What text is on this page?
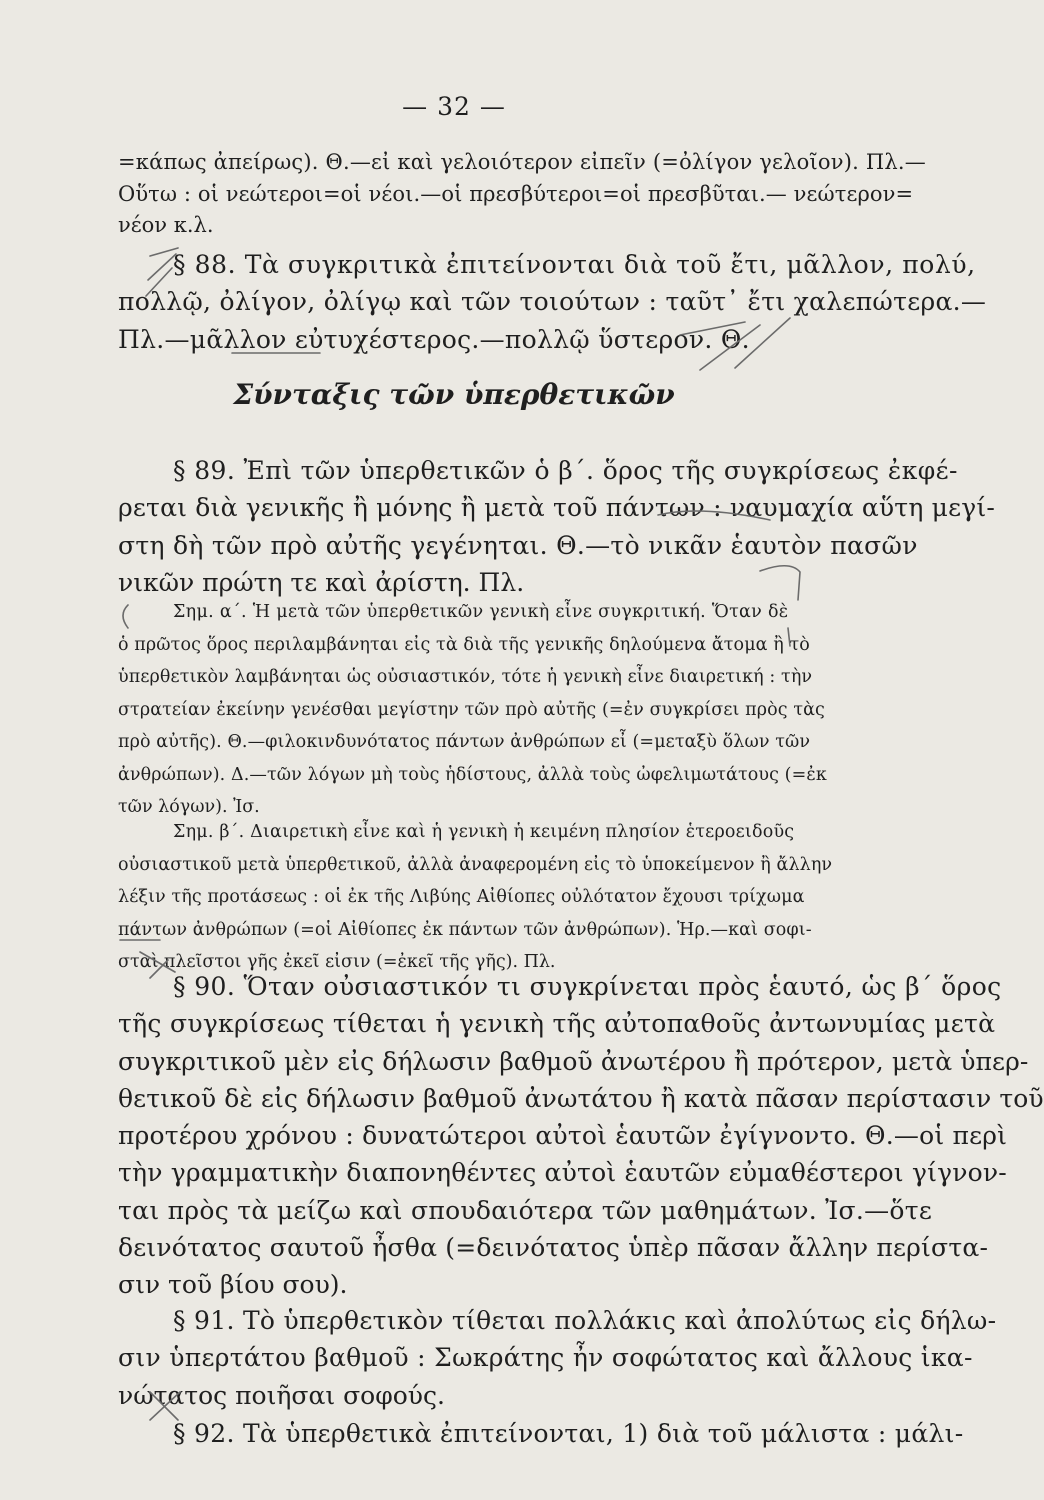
— 32 —
=κάπως ἀπείρως). Θ.—εἰ καὶ γελοιότερον εἰπεῖν (=ὀλίγον γελοῖον). Πλ.—
Οὕτω : οἱ νεώτεροι=οἱ νέοι.—οἱ πρεσβύτεροι=οἱ πρεσβῦται.— νεώτερον=
νέον κ.λ.
§ 88. Τὰ συγκριτικὰ ἐπιτείνονται διὰ τοῦ ἔτι, μᾶλλον, πολύ,
πολλῷ, ὀλίγον, ὀλίγῳ καὶ τῶν τοιούτων : ταῦτ᾿ ἔτι χαλεπώτερα.—
Πλ.—μᾶλλον εὐτυχέστερος.—πολλῷ ὕστερον. Θ.
Σύνταξις τῶν ὑπερθετικῶν
§ 89. Ἐπὶ τῶν ὑπερθετικῶν ὁ β΄. ὅρος τῆς συγκρίσεως ἐκφέ-
ρεται διὰ γενικῆς ἢ μόνης ἢ μετὰ τοῦ πάντων : ναυμαχία αὕτη μεγί-
στη δὴ τῶν πρὸ αὐτῆς γεγένηται. Θ.—τὸ νικᾶν ἑαυτὸν πασῶν
νικῶν πρώτη τε καὶ ἀρίστη. Πλ.
Σημ. α΄. Ἡ μετὰ τῶν ὑπερθετικῶν γενικὴ εἶνε συγκριτική. Ὅταν δὲ
ὁ πρῶτος ὅρος περιλαμβάνηται εἰς τὰ διὰ τῆς γενικῆς δηλούμενα ἄτομα ἢ τὸ
ὑπερθετικὸν λαμβάνηται ὡς οὐσιαστικόν, τότε ἡ γενικὴ εἶνε διαιρετική : τὴν
στρατείαν ἐκείνην γενέσθαι μεγίστην τῶν πρὸ αὐτῆς (=ἐν συγκρίσει πρὸς τὰς
πρὸ αὐτῆς). Θ.—φιλοκινδυνότατος πάντων ἀνθρώπων εἶ (=μεταξὺ ὅλων τῶν
ἀνθρώπων). Δ.—τῶν λόγων μὴ τοὺς ἡδίστους, ἀλλὰ τοὺς ὠφελιμωτάτους (=ἐκ
τῶν λόγων). Ἰσ.
Σημ. β΄. Διαιρετικὴ εἶνε καὶ ἡ γενικὴ ἡ κειμένη πλησίον ἑτεροειδοῦς
οὐσιαστικοῦ μετὰ ὑπερθετικοῦ, ἀλλὰ ἀναφερομένη εἰς τὸ ὑποκείμενον ἢ ἄλλην
λέξιν τῆς προτάσεως : οἱ ἐκ τῆς Λιβύης Αἰθίοπες οὐλότατον ἔχουσι τρίχωμα
πάντων ἀνθρώπων (=οἱ Αἰθίοπες ἐκ πάντων τῶν ἀνθρώπων). Ἡρ.—καὶ σοφι-
σταὶ πλεῖστοι γῆς ἐκεῖ εἰσιν (=ἐκεῖ τῆς γῆς). Πλ.
§ 90. Ὅταν οὐσιαστικόν τι συγκρίνεται πρὸς ἑαυτό, ὡς β΄ ὅρος
τῆς συγκρίσεως τίθεται ἡ γενικὴ τῆς αὐτοπαθοῦς ἀντωνυμίας μετὰ
συγκριτικοῦ μὲν εἰς δήλωσιν βαθμοῦ ἀνωτέρου ἢ πρότερον, μετὰ ὑπερ-
θετικοῦ δὲ εἰς δήλωσιν βαθμοῦ ἀνωτάτου ἢ κατὰ πᾶσαν περίστασιν τοῦ
προτέρου χρόνου : δυνατώτεροι αὐτοὶ ἑαυτῶν ἐγίγνοντο. Θ.—οἱ περὶ
τὴν γραμματικὴν διαπονηθέντες αὐτοὶ ἑαυτῶν εὐμαθέστεροι γίγνον-
ται πρὸς τὰ μείζω καὶ σπουδαιότερα τῶν μαθημάτων. Ἰσ.—ὅτε
δεινότατος σαυτοῦ ἦσθα (=δεινότατος ὑπὲρ πᾶσαν ἄλλην περίστα-
σιν τοῦ βίου σου).
§ 91. Τὸ ὑπερθετικὸν τίθεται πολλάκις καὶ ἀπολύτως εἰς δήλω-
σιν ὑπερτάτου βαθμοῦ : Σωκράτης ἦν σοφώτατος καὶ ἄλλους ἱκα-
νώτατος ποιῆσαι σοφούς.
§ 92. Τὰ ὑπερθετικὰ ἐπιτείνονται, 1) διὰ τοῦ μάλιστα : μάλι-
